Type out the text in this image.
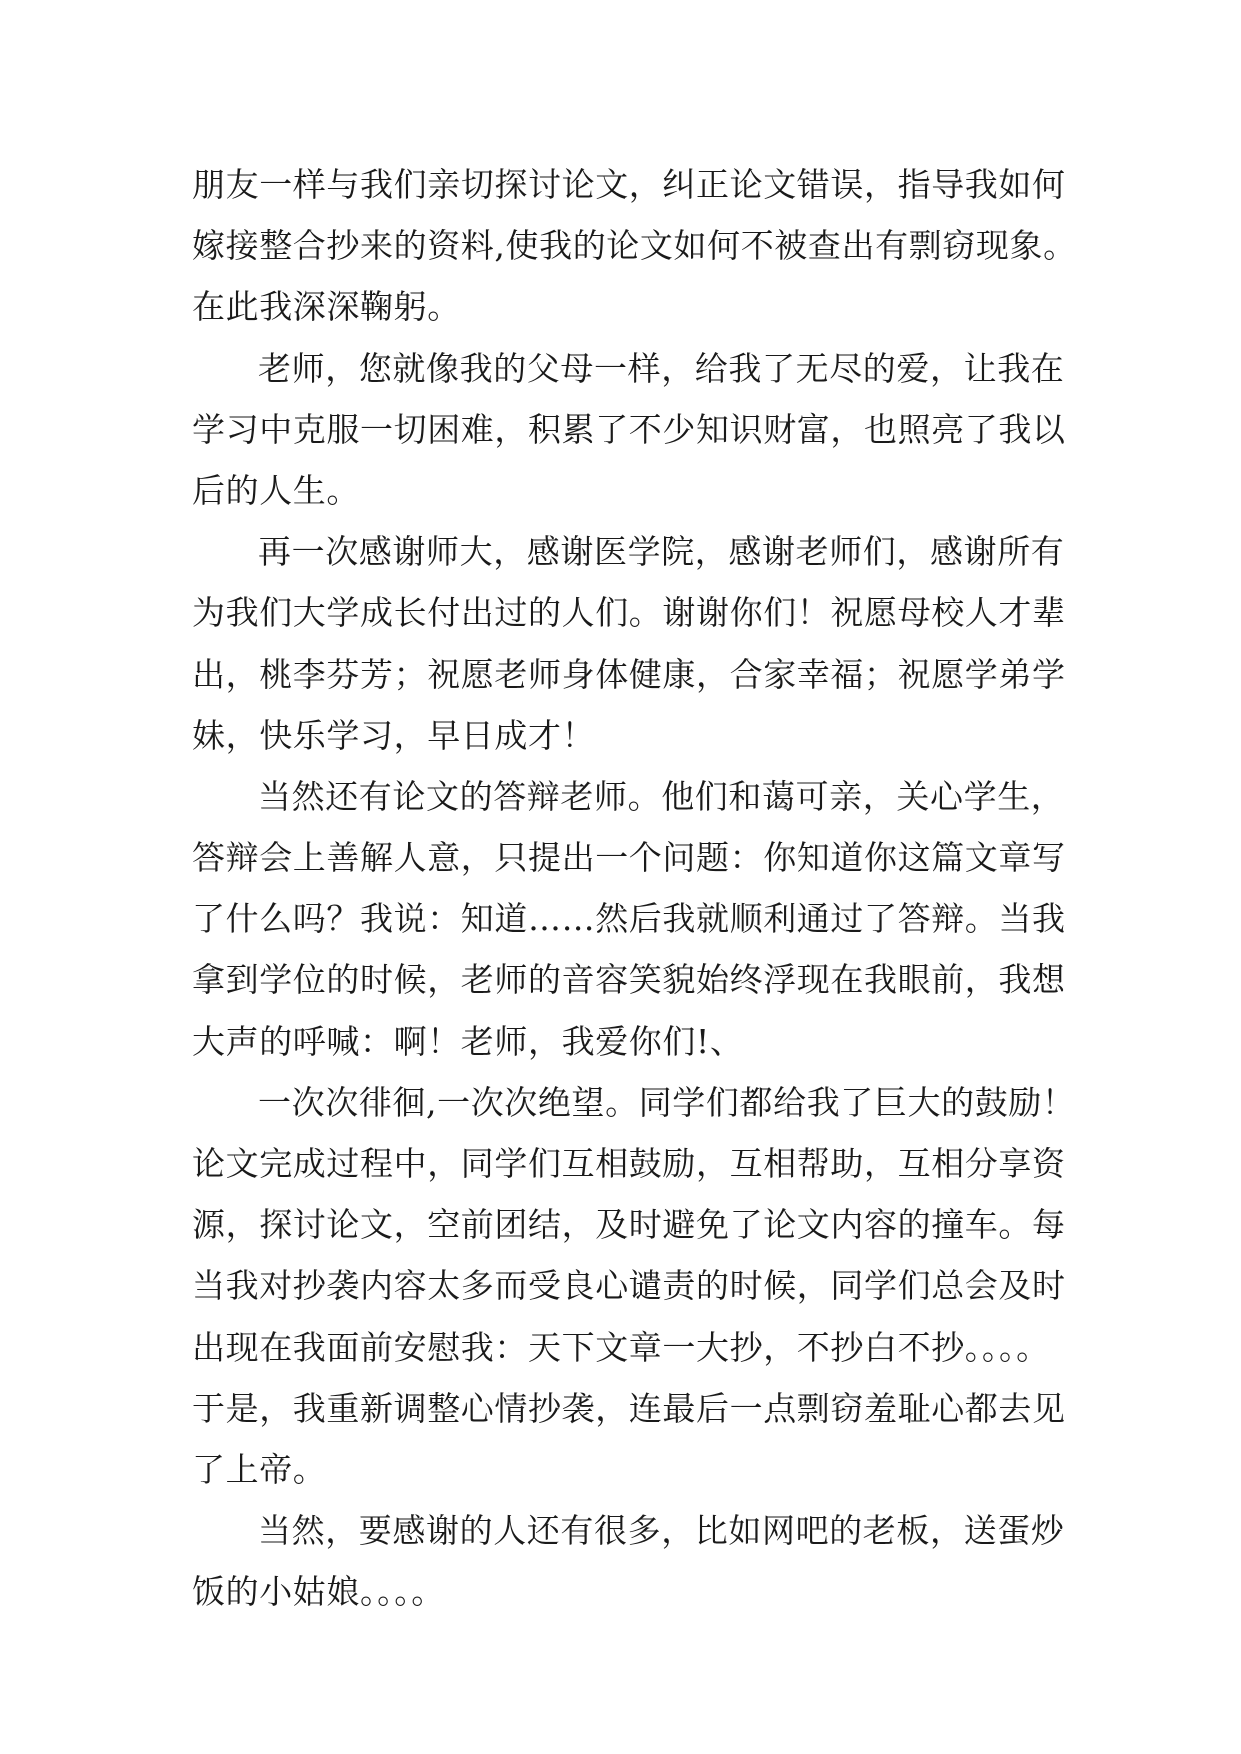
朋友一样与我们亲切探讨论文，纠正论文错误，指导我如何
嫁接整合抄来的资料,使我的论文如何不被查出有剽窃现象。
在此我深深鞠躬。
老师，您就像我的父母一样，给我了无尽的爱，让我在
学习中克服一切困难，积累了不少知识财富，也照亮了我以
后的人生。
再一次感谢师大，感谢医学院，感谢老师们，感谢所有
为我们大学成长付出过的人们。谢谢你们！祝愿母校人才辈
出，桃李芬芳；祝愿老师身体健康，合家幸福；祝愿学弟学
妹，快乐学习，早日成才！
当然还有论文的答辩老师。他们和蔼可亲，关心学生，
答辩会上善解人意，只提出一个问题：你知道你这篇文章写
了什么吗？我说：知道……然后我就顺利通过了答辩。当我
拿到学位的时候，老师的音容笑貌始终浮现在我眼前，我想
大声的呼喊：啊！老师，我爱你们!、
一次次徘徊,一次次绝望。同学们都给我了巨大的鼓励！
论文完成过程中，同学们互相鼓励，互相帮助，互相分享资
源，探讨论文，空前团结，及时避免了论文内容的撞车。每
当我对抄袭内容太多而受良心谴责的时候，同学们总会及时
出现在我面前安慰我：天下文章一大抄，不抄白不抄。。。。
于是，我重新调整心情抄袭，连最后一点剽窃羞耻心都去见
了上帝。
当然，要感谢的人还有很多，比如网吧的老板，送蛋炒
饭的小姑娘。。。。
